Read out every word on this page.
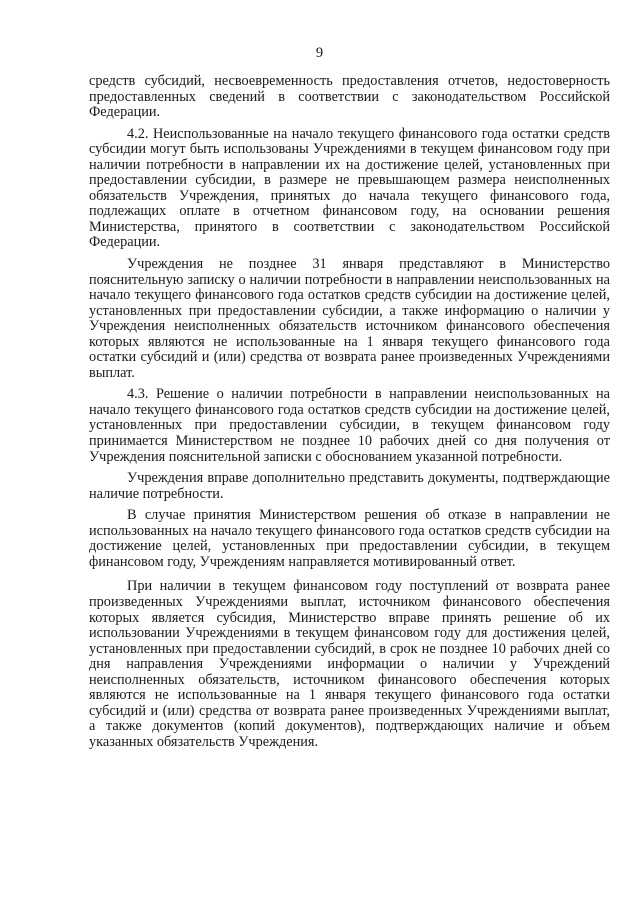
9

средств субсидий, несвоевременность предоставления отчетов, недостоверность предоставленных сведений в соответствии с законодательством Российской Федерации.

4.2. Неиспользованные на начало текущего финансового года остатки средств субсидии могут быть использованы Учреждениями в текущем финансовом году при наличии потребности в направлении их на достижение целей, установленных при предоставлении субсидии, в размере не превышающем размера неисполненных обязательств Учреждения, принятых до начала текущего финансового года, подлежащих оплате в отчетном финансовом году, на основании решения Министерства, принятого в соответствии с законодательством Российской Федерации.

Учреждения не позднее 31 января представляют в Министерство пояснительную записку о наличии потребности в направлении неиспользованных на начало текущего финансового года остатков средств субсидии на достижение целей, установленных при предоставлении субсидии, а также информацию о наличии у Учреждения неисполненных обязательств источником финансового обеспечения которых являются не использованные на 1 января текущего финансового года остатки субсидий и (или) средства от возврата ранее произведенных Учреждениями выплат.

4.3. Решение о наличии потребности в направлении неиспользованных на начало текущего финансового года остатков средств субсидии на достижение целей, установленных при предоставлении субсидии, в текущем финансовом году принимается Министерством не позднее 10 рабочих дней со дня получения от Учреждения пояснительной записки с обоснованием указанной потребности.

Учреждения вправе дополнительно представить документы, подтверждающие наличие потребности.

В случае принятия Министерством решения об отказе в направлении не использованных на начало текущего финансового года остатков средств субсидии на достижение целей, установленных при предоставлении субсидии, в текущем финансовом году, Учреждениям направляется мотивированный ответ.

При наличии в текущем финансовом году поступлений от возврата ранее произведенных Учреждениями выплат, источником финансового обеспечения которых является субсидия, Министерство вправе принять решение об их использовании Учреждениями в текущем финансовом году для достижения целей, установленных при предоставлении субсидий, в срок не позднее 10 рабочих дней со дня направления Учреждениями информации о наличии у Учреждений неисполненных обязательств, источником финансового обеспечения которых являются не использованные на 1 января текущего финансового года остатки субсидий и (или) средства от возврата ранее произведенных Учреждениями выплат, а также документов (копий документов), подтверждающих наличие и объем указанных обязательств Учреждения.
